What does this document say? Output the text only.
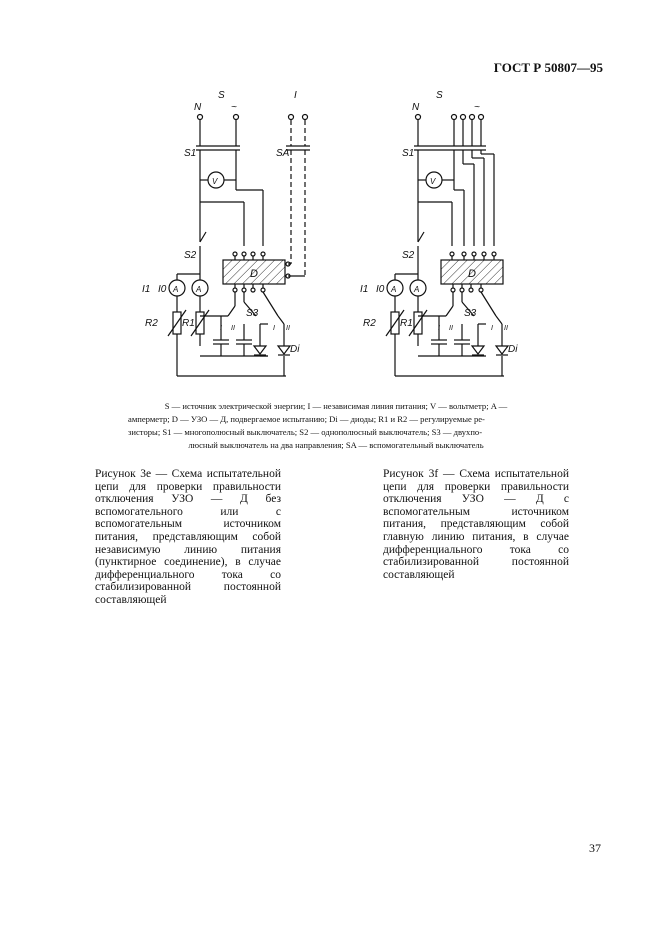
ГОСТ Р 50807—95
N
S
~
I
S1	SA
V
S2
D
I1 I0 A A
R2 R1
S3
I II	I II
Di
N
S
~
S1
V
S2
D
I1 I0 A A
R2 R1
S3
I II	I II
Di
S — источник электрической энергии; I — независимая линия питания; V — вольтметр; A —
амперметр; D — УЗО — Д, подвергаемое испытанию; Di — диоды; R1 и R2 — регулируемые ре-
зисторы; S1 — многополюсный выключатель; S2 — однополюсный выключатель; S3 — двухпо-
люсный выключатель на два направления; SA — вспомогательный выключатель
Рисунок 3е — Схема испытательной цепи для проверки правильности отключения УЗО — Д без вспомогательного или с вспомогательным источником питания, представляющим собой независимую линию питания (пунктирное соединение), в случае дифференциального тока со стабилизированной постоянной составляющей
Рисунок 3f — Схема испытательной цепи для проверки правильности отключения УЗО — Д с вспомогательным источником питания, представляющим собой главную линию питания, в случае дифференциального тока со стабилизированной постоянной составляющей
37
